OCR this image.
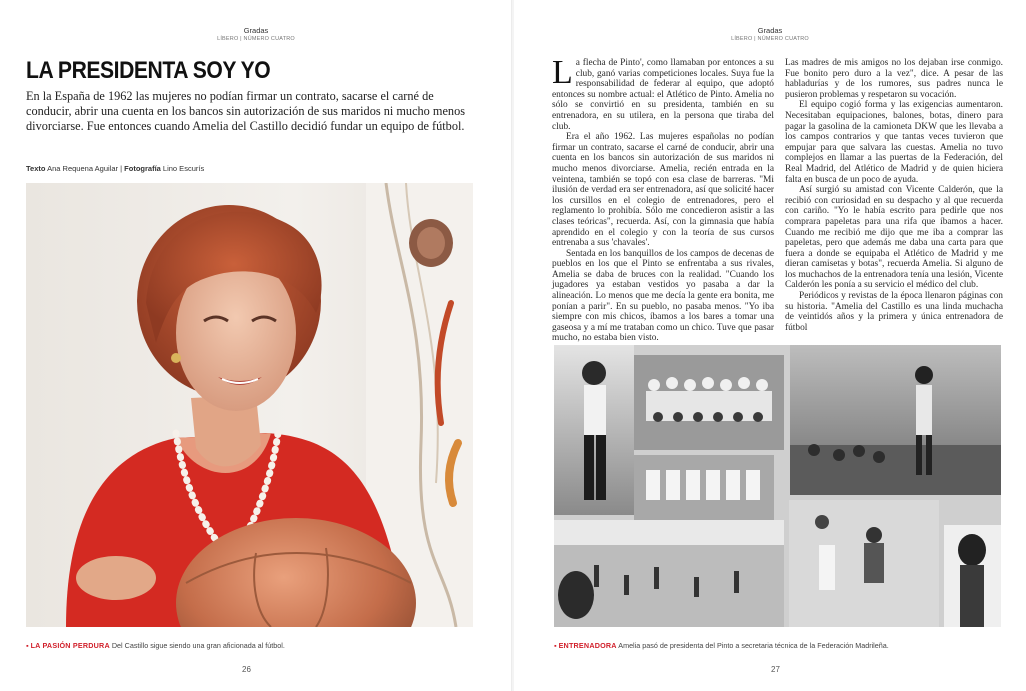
Gradas
LÍBERO | NÚMERO CUATRO
LA PRESIDENTA SOY YO
En la España de 1962 las mujeres no podían firmar un contrato, sacarse el carné de conducir, abrir una cuenta en los bancos sin autorización de sus maridos ni mucho menos divorciarse. Fue entonces cuando Amelia del Castillo decidió fundar un equipo de fútbol.
Texto Ana Requena Aguilar | Fotografía Lino Escurís
▪ LA PASIÓN PERDURA Del Castillo sigue siendo una gran aficionada al fútbol.
26
Gradas
LÍBERO | NÚMERO CUATRO

La flecha de Pinto', como llamaban por entonces a su club, ganó varias competiciones locales. Suya fue la responsabilidad de federar al equipo, que adoptó entonces su nombre actual: el Atlético de Pinto. Amelia no sólo se convirtió en su presidenta, también en su entrenadora, en su utilera, en la persona que tiraba del club.

Era el año 1962. Las mujeres españolas no podían firmar un contrato, sacarse el carné de conducir, abrir una cuenta en los bancos sin autorización de sus maridos ni mucho menos divorciarse. Amelia, recién entrada en la veintena, también se topó con esa clase de barreras. "Mi ilusión de verdad era ser entrenadora, así que solicité hacer los cursillos en el colegio de entrenadores, pero el reglamento lo prohibía. Sólo me concedieron asistir a las clases teóricas", recuerda. Así, con la gimnasia que había aprendido en el colegio y con la teoría de sus cursos entrenaba a sus 'chavales'.

Sentada en los banquillos de los campos de decenas de pueblos en los que el Pinto se enfrentaba a sus rivales, Amelia se daba de bruces con la realidad. "Cuando los jugadores ya estaban vestidos yo pasaba a dar la alineación. Lo menos que me decía la gente era bonita, me ponían a parir". En su pueblo, no pasaba menos. "Yo iba siempre con mis chicos, íbamos a los bares a tomar una gaseosa y a mí me trataban como un chico. Tuve que pasar mucho, no estaba bien visto.

Las madres de mis amigos no los dejaban irse conmigo. Fue bonito pero duro a la vez", dice. A pesar de las habladurías y de los rumores, sus padres nunca le pusieron problemas y respetaron su vocación.

El equipo cogió forma y las exigencias aumentaron. Necesitaban equipaciones, balones, botas, dinero para pagar la gasolina de la camioneta DKW que les llevaba a los campos contrarios y que tantas veces tuvieron que empujar para que salvara las cuestas. Amelia no tuvo complejos en llamar a las puertas de la Federación, del Real Madrid, del Atlético de Madrid y de quien hiciera falta en busca de un poco de ayuda.

Así surgió su amistad con Vicente Calderón, que la recibió con curiosidad en su despacho y al que recuerda con cariño. "Yo le había escrito para pedirle que nos comprara papeletas para una rifa que íbamos a hacer. Cuando me recibió me dijo que me iba a comprar las papeletas, pero que además me daba una carta para que fuera a donde se equipaba el Atlético de Madrid y me dieran camisetas y botas", recuerda Amelia. Si alguno de los muchachos de la entrenadora tenía una lesión, Vicente Calderón les ponía a su servicio el médico del club.

Periódicos y revistas de la época llenaron páginas con su historia. "Amelia del Castillo es una linda muchacha de veintidós años y la primera y única entrenadora de fútbol

▪ ENTRENADORA Amelia pasó de presidenta del Pinto a secretaria técnica de la Federación Madrileña.
27
